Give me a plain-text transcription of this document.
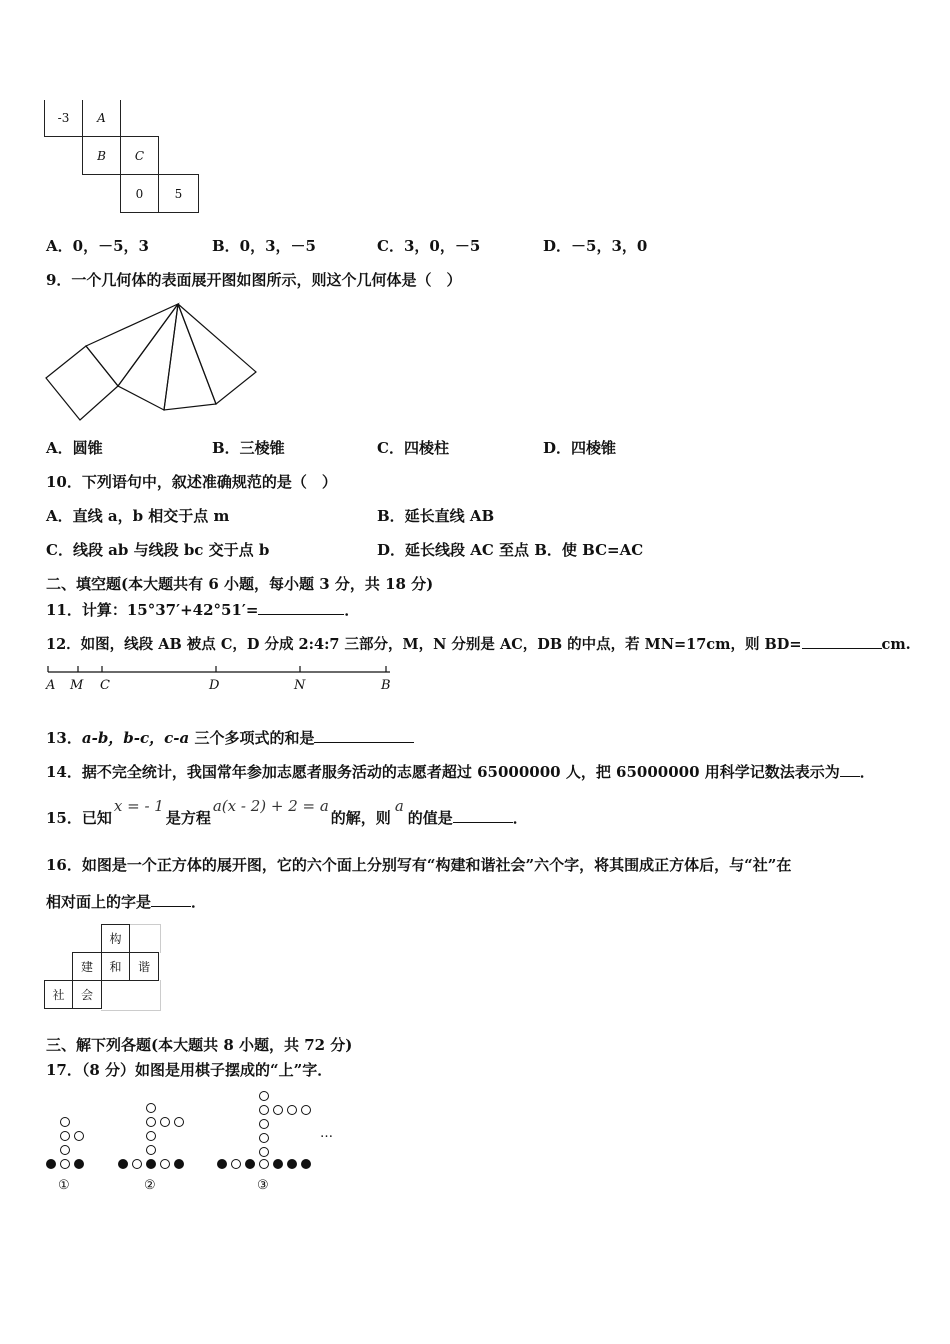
-3	A
B	C
0	5
A．0，－5，3	B．0，3，－5	C．3，0，－5	D．－5，3，0
9．一个几何体的表面展开图如图所示，则这个几何体是（　）
A．圆锥	B．三棱锥	C．四棱柱	D．四棱锥
10．下列语句中，叙述准确规范的是（　）
A．直线 a，b 相交于点 m	B．延长直线 AB
C．线段 ab 与线段 bc 交于点 b	D．延长线段 AC 至点 B．使 BC=AC
二、填空题(本大题共有 6 小题，每小题 3 分，共 18 分)
11．计算：15°37′+42°51′=	．
12．如图，线段 AB 被点 C，D 分成 2:4:7 三部分，M，N 分别是 AC，DB 的中点，若 MN=17cm，则 BD=	cm.
A M C	D	N	B
13．a-b，b-c，c-a 三个多项式的和是
14．据不完全统计，我国常年参加志愿者服务活动的志愿者超过 65000000 人，把 65000000 用科学记数法表示为 ．
15．已知x = - 1是方程a(x - 2) + 2 = a的解，则a的值是	．
16．如图是一个正方体的展开图，它的六个面上分别写有“构建和谐社会”六个字，将其围成正方体后，与“社”在
相对面上的字是	．
构
建	和	谐
社	会
三、解下列各题(本大题共 8 小题，共 72 分)
17．（8 分）如图是用棋子摆成的“上”字．
…
①	②	③
